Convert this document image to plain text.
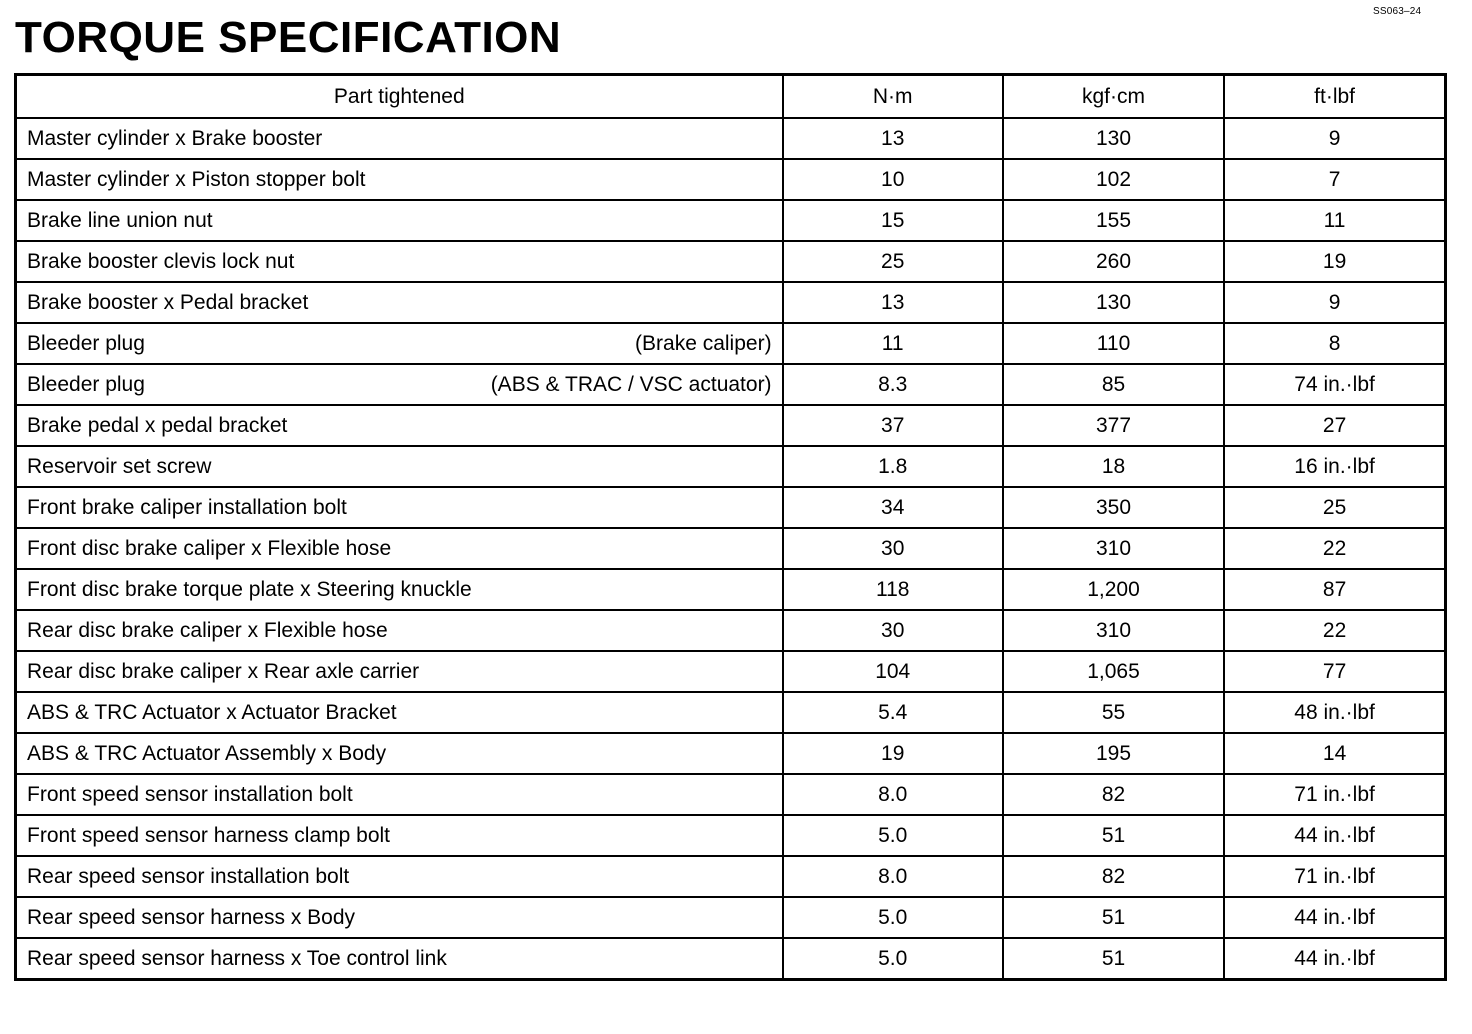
SS063–24
TORQUE SPECIFICATION
Part tightened	N·m	kgf·cm	ft·lbf

Master cylinder x Brake booster	13	130	9

Master cylinder x Piston stopper bolt	10	102	7

Brake line union nut	15	155	11

Brake booster clevis lock nut	25	260	19

Brake booster x Pedal bracket	13	130	9

Bleeder plug (Brake caliper)	11	110	8

Bleeder plug (ABS & TRAC / VSC actuator)	8.3	85	74 in.·lbf

Brake pedal x pedal bracket	37	377	27

Reservoir set screw	1.8	18	16 in.·lbf

Front brake caliper installation bolt	34	350	25

Front disc brake caliper x Flexible hose	30	310	22

Front disc brake torque plate x Steering knuckle	118	1,200	87

Rear disc brake caliper x Flexible hose	30	310	22

Rear disc brake caliper x Rear axle carrier	104	1,065	77

ABS & TRC Actuator x Actuator Bracket	5.4	55	48 in.·lbf

ABS & TRC Actuator Assembly x Body	19	195	14

Front speed sensor installation bolt	8.0	82	71 in.·lbf

Front speed sensor harness clamp bolt	5.0	51	44 in.·lbf

Rear speed sensor installation bolt	8.0	82	71 in.·lbf

Rear speed sensor harness x Body	5.0	51	44 in.·lbf

Rear speed sensor harness x Toe control link	5.0	51	44 in.·lbf
